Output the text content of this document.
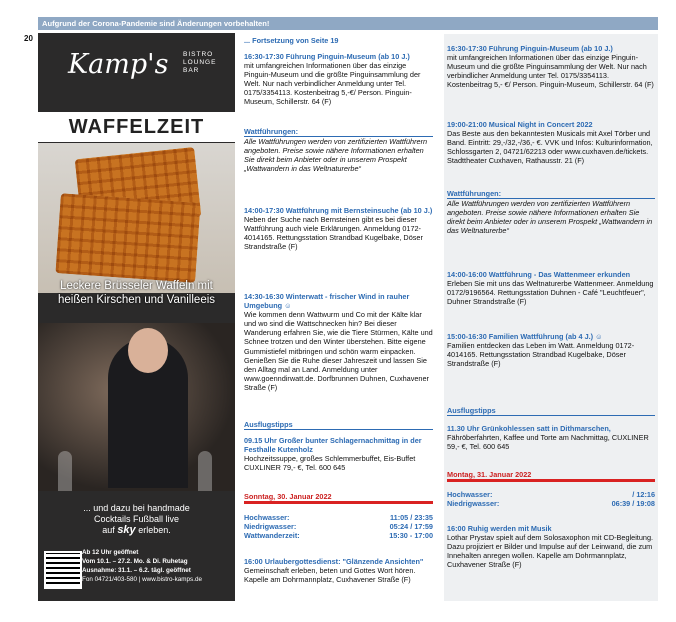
Aufgrund der Corona-Pandemie sind Änderungen vorbehalten!
20
Kamp's BISTRO
LOUNGE
BAR
WAFFELZEIT
Leckere Brüsseler Waffeln mit
heißen Kirschen und Vanilleeis
... und dazu bei handmade
Cocktails Fußball live
auf sky erleben.
Ab 12 Uhr geöffnet
Vom 10.1. – 27.2. Mo. & Di. Ruhetag
Ausnahme: 31.1. – 6.2. tägl. geöffnet
Fon 04721/403-580 | www.bistro-kamps.de
... Fortsetzung von Seite 19
16:30-17:30 Führung Pinguin-Museum (ab 10 J.)
mit umfangreichen Informationen über das einzige Pinguin-Museum und die größte Pinguinsammlung der Welt. Nur nach verbindlicher Anmeldung unter Tel. 0175/3354113. Kostenbeitrag 5,-€/ Person. Pinguin-Museum, Schillerstr. 64 (F)
Wattführungen:
Alle Wattführungen werden von zertifizierten Wattführern angeboten. Preise sowie nähere Informationen erhalten Sie direkt beim Anbieter oder in unserem Prospekt „Wattwandern in das Weltnaturerbe“
14:00-17:30 Wattführung mit Bernsteinsuche (ab 10 J.)
Neben der Suche nach Bernsteinen gibt es bei dieser Wattführung auch viele Erklärungen. Anmeldung 0172-4014165. Rettungsstation Strandbad Kugelbake, Döser Strandstraße (F)
14:30-16:30 Winterwatt - frischer Wind in rauher Umgebung ☺
Wie kommen denn Wattwurm und Co mit der Kälte klar und wo sind die Wattschnecken hin? Bei dieser Wanderung erfahren Sie, wie die Tiere Stürmen, Kälte und Schnee trotzen und den Winter überstehen. Bitte eigene Gummistiefel mitbringen und schön warm einpacken. Genießen Sie die Ruhe dieser Jahreszeit und lassen Sie den Alltag mal an Land. Anmeldung unter www.goenndirwatt.de. Dorfbrunnen Duhnen, Cuxhavener Straße (F)
Ausflugstipps
09.15 Uhr Großer bunter Schlagernachmittag in der Festhalle Kutenholz
Hochzeitssuppe, großes Schlemmerbuffet, Eis-Buffet CUXLINER 79,- €, Tel. 600 645
Sonntag, 30. Januar 2022
Hochwasser:	11:05 / 23:35
Niedrigwasser:	05:24 / 17:59
Wattwanderzeit:	15:30 - 17:00
16:00 Urlaubergottesdienst: "Glänzende Ansichten"
Gemeinschaft erleben, beten und Gottes Wort hören. Kapelle am Dohrmannplatz, Cuxhavener Straße (F)
16:30-17:30 Führung Pinguin-Museum (ab 10 J.)
mit umfangreichen Informationen über das einzige Pinguin-Museum und die größte Pinguinsammlung der Welt. Nur nach verbindlicher Anmeldung unter Tel. 0175/3354113. Kostenbeitrag 5,- €/ Person. Pinguin-Museum, Schillerstr. 64 (F)
19:00-21:00 Musical Night in Concert 2022
Das Beste aus den bekanntesten Musicals mit Axel Törber und Band. Eintritt: 29,-/32,-/36,- €. VVK und Infos: Kulturinformation, Schlossgarten 2, 04721/62213 oder www.cuxhaven.de/tickets. Stadttheater Cuxhaven, Rathausstr. 21 (F)
Wattführungen:
Alle Wattführungen werden von zertifizierten Wattführern angeboten. Preise sowie nähere Informationen erhalten Sie direkt beim Anbieter oder in unserem Prospekt „Wattwandern in das Weltnaturerbe“
14:00-16:00 Wattführung - Das Wattenmeer erkunden
Erleben Sie mit uns das Weltnaturerbe Wattenmeer. Anmeldung 0172/9196564. Rettungsstation Duhnen - Café "Leuchtfeuer", Duhner Strandstraße (F)
15:00-16:30 Familien Wattführung (ab 4 J.) ☺
Familien entdecken das Leben im Watt. Anmeldung 0172-4014165. Rettungsstation Strandbad Kugelbake, Döser Strandstraße (F)
Ausflugstipps
11.30 Uhr Grünkohlessen satt in Dithmarschen,
Fähröberfahrten, Kaffee und Torte am Nachmittag, CUXLINER 59,- €, Tel. 600 645
Montag, 31. Januar 2022
Hochwasser:	/ 12:16
Niedrigwasser:	06:39 / 19:08
16:00 Ruhig werden mit Musik
Lothar Prystav spielt auf dem Solosaxophon mit CD-Begleitung. Dazu projiziert er Bilder und Impulse auf der Leinwand, die zum Innehalten anregen wollen. Kapelle am Dohrmannplatz, Cuxhavener Straße (F)
